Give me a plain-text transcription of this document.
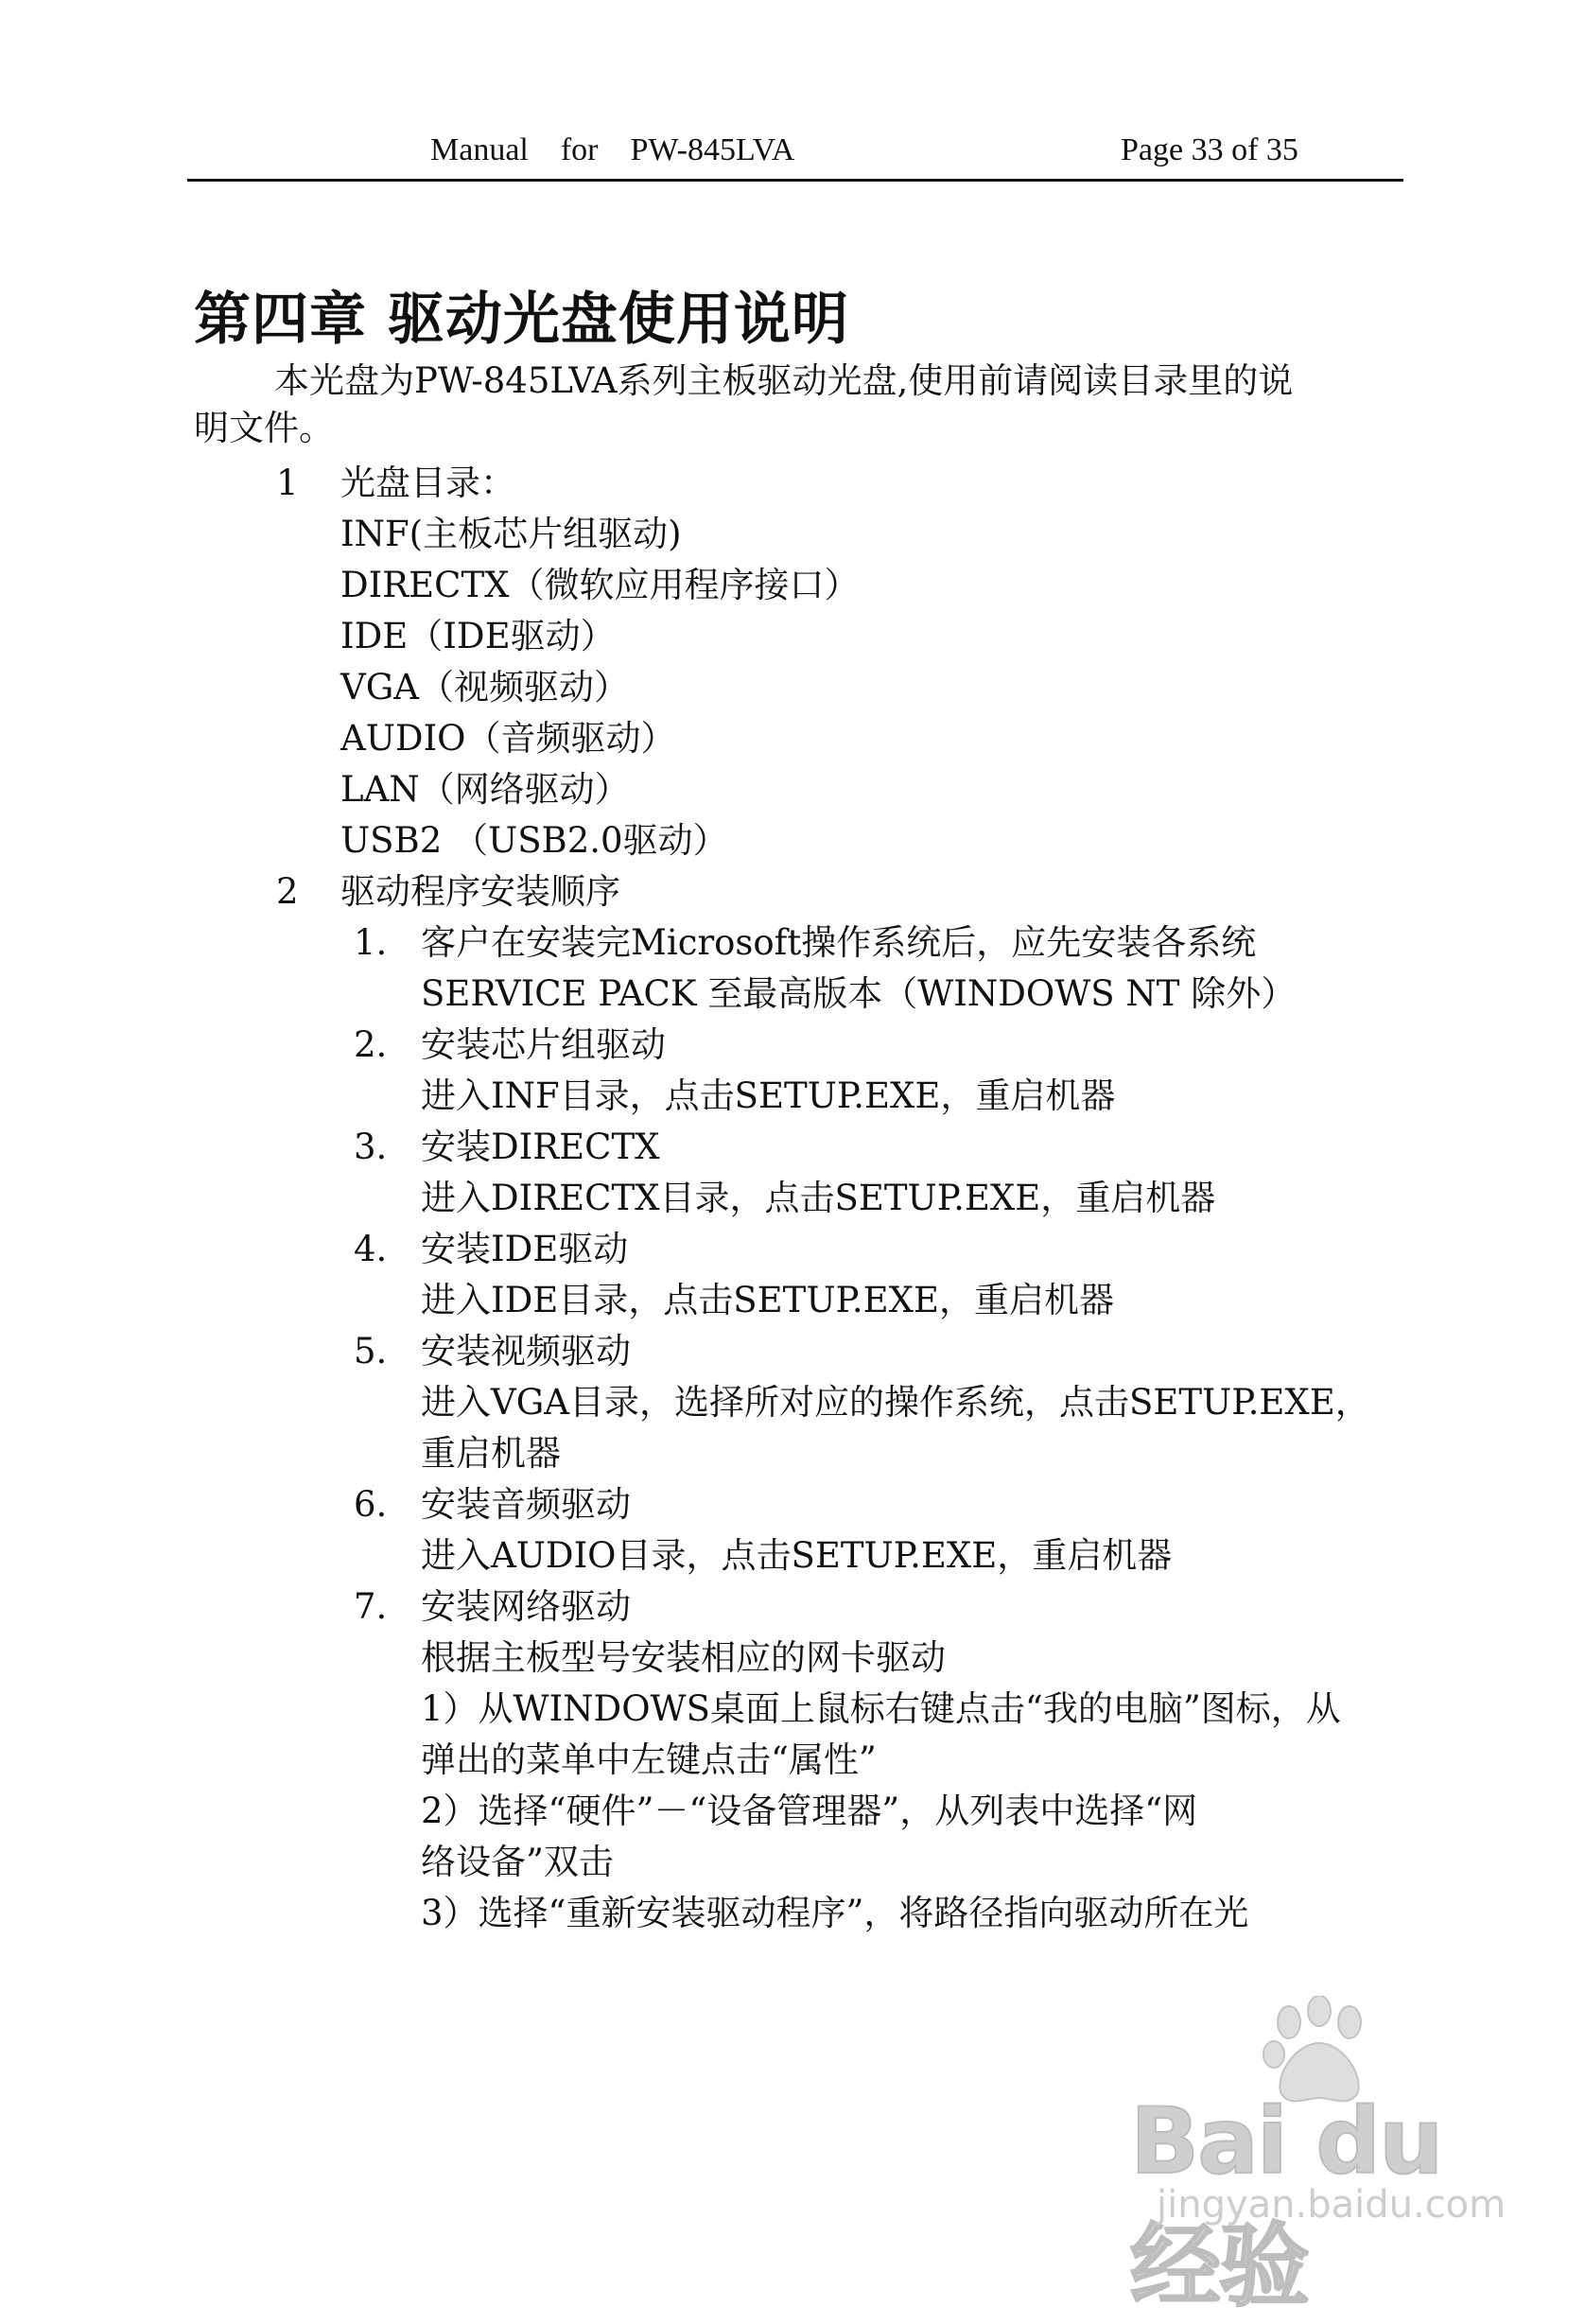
Manual    for    PW-845LVA	Page 33 of 35
第四章 驱动光盘使用说明
本光盘为PW-845LVA系列主板驱动光盘,使用前请阅读目录里的说
明文件。
1 光盘目录：
INF(主板芯片组驱动)
DIRECTX（微软应用程序接口）
IDE（IDE驱动）
VGA（视频驱动）
AUDIO（音频驱动）
LAN（网络驱动）
USB2 （USB2.0驱动）
2 驱动程序安装顺序
1. 客户在安装完Microsoft操作系统后，应先安装各系统
SERVICE PACK 至最高版本（WINDOWS NT 除外）
2. 安装芯片组驱动
进入INF目录，点击SETUP.EXE，重启机器
3. 安装DIRECTX
进入DIRECTX目录，点击SETUP.EXE，重启机器
4. 安装IDE驱动
进入IDE目录，点击SETUP.EXE，重启机器
5. 安装视频驱动
进入VGA目录，选择所对应的操作系统，点击SETUP.EXE，
重启机器
6. 安装音频驱动
进入AUDIO目录，点击SETUP.EXE，重启机器
7. 安装网络驱动
根据主板型号安装相应的网卡驱动
1）从WINDOWS桌面上鼠标右键点击“我的电脑”图标，从
弹出的菜单中左键点击“属性”
2）选择“硬件”－“设备管理器”，从列表中选择“网
络设备”双击
3）选择“重新安装驱动程序”，将路径指向驱动所在光
Bai du 经验
jingyan.baidu.com
